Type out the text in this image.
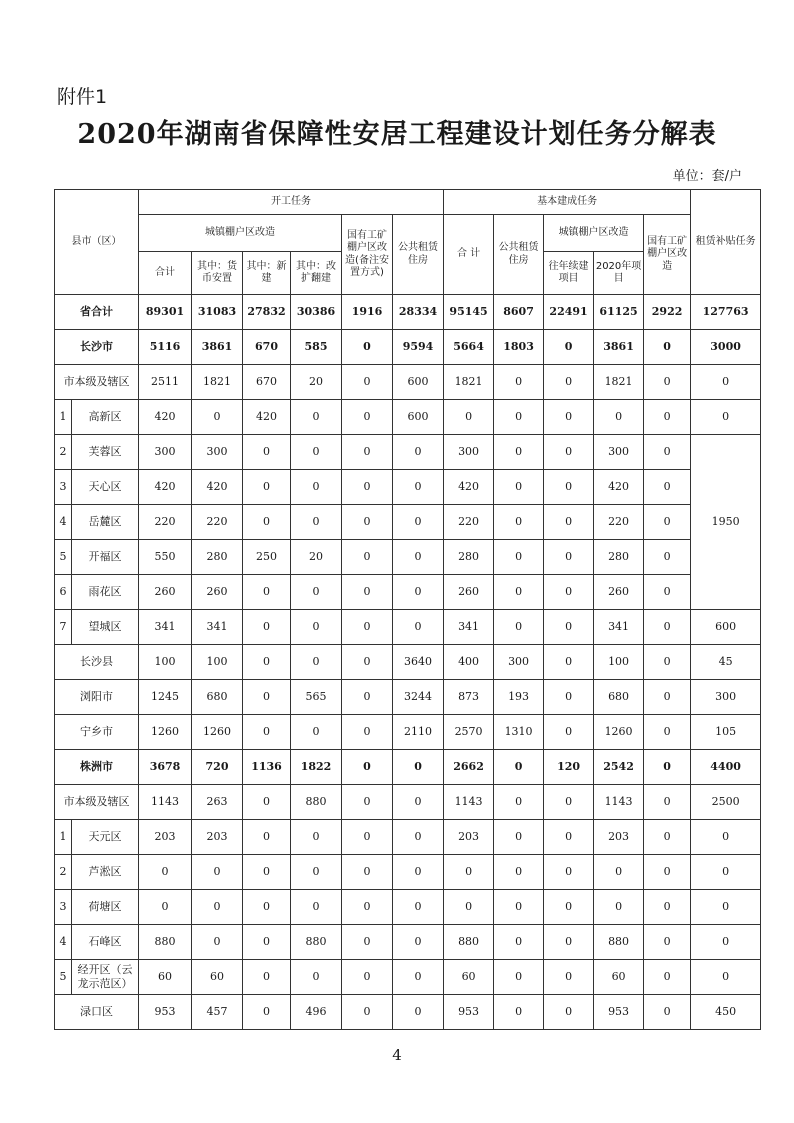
附件1
2020年湖南省保障性安居工程建设计划任务分解表
单位：套/户
县市（区）		开工任务						基本建成任务					租赁补贴任务
		城镇棚户区改造				国有工矿棚户区改造(备注安置方式)	公共租赁住房	合 计	公共租赁住房	城镇棚户区改造		国有工矿棚户区改造	
		合计	其中：货币安置	其中：新 建	其中：改扩翻建					往年续建项目	2020年项目		
省合计		89301	31083	27832	30386	1916	28334	95145	8607	22491	61125	2922	127763
长沙市		5116	3861	670	585	0	9594	5664	1803	0	3861	0	3000
市本级及辖区		2511	1821	670	20	0	600	1821	0	0	1821	0	0
1	高新区	420	0	420	0	0	600	0	0	0	0	0	0
2	芙蓉区	300	300	0	0	0	0	300	0	0	300	0	1950
3	天心区	420	420	0	0	0	0	420	0	0	420	0	
4	岳麓区	220	220	0	0	0	0	220	0	0	220	0	
5	开福区	550	280	250	20	0	0	280	0	0	280	0	
6	雨花区	260	260	0	0	0	0	260	0	0	260	0	
7	望城区	341	341	0	0	0	0	341	0	0	341	0	600
长沙县		100	100	0	0	0	3640	400	300	0	100	0	45
浏阳市		1245	680	0	565	0	3244	873	193	0	680	0	300
宁乡市		1260	1260	0	0	0	2110	2570	1310	0	1260	0	105
株洲市		3678	720	1136	1822	0	0	2662	0	120	2542	0	4400
市本级及辖区		1143	263	0	880	0	0	1143	0	0	1143	0	2500
1	天元区	203	203	0	0	0	0	203	0	0	203	0	0
2	芦淞区	0	0	0	0	0	0	0	0	0	0	0	0
3	荷塘区	0	0	0	0	0	0	0	0	0	0	0	0
4	石峰区	880	0	0	880	0	0	880	0	0	880	0	0
5	经开区（云龙示范区）	60	60	0	0	0	0	60	0	0	60	0	0
渌口区		953	457	0	496	0	0	953	0	0	953	0	450
4
